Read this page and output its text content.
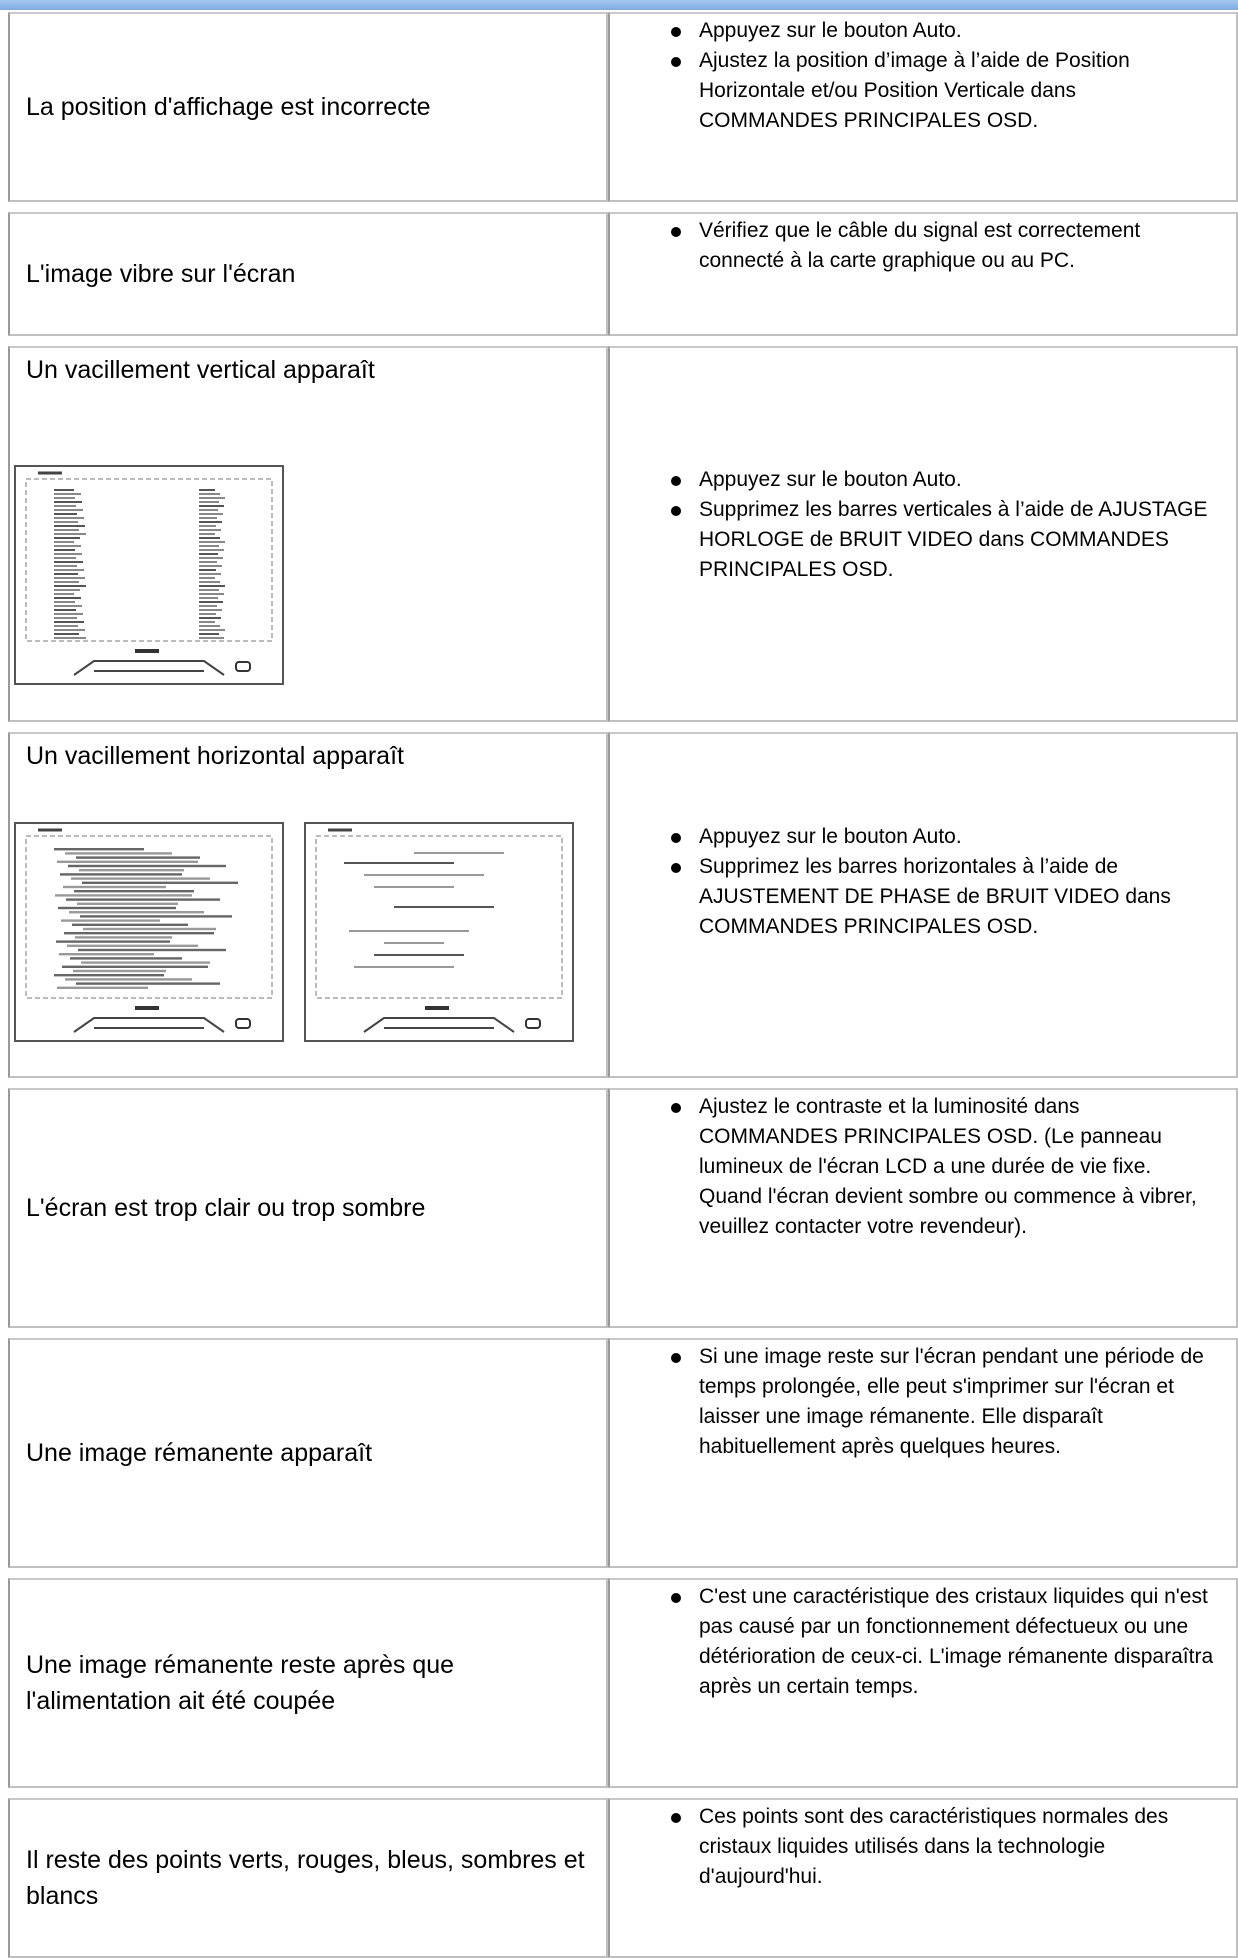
La position d'affichage est incorrecte
Appuyez sur le bouton Auto.
Ajustez la position d’image à l’aide de Position Horizontale et/ou Position Verticale dans COMMANDES PRINCIPALES OSD.
L'image vibre sur l'écran
Vérifiez que le câble du signal est correctement connecté à la carte graphique ou au PC.
Un vacillement vertical apparaît
Appuyez sur le bouton Auto.
Supprimez les barres verticales à l’aide de AJUSTAGE HORLOGE de BRUIT VIDEO dans COMMANDES PRINCIPALES OSD.
Un vacillement horizontal apparaît
Appuyez sur le bouton Auto.
Supprimez les barres horizontales à l’aide de AJUSTEMENT DE PHASE de BRUIT VIDEO dans COMMANDES PRINCIPALES OSD.
L'écran est trop clair ou trop sombre
Ajustez le contraste et la luminosité dans COMMANDES PRINCIPALES OSD. (Le panneau lumineux de l'écran LCD a une durée de vie fixe. Quand l'écran devient sombre ou commence à vibrer, veuillez contacter votre revendeur).
Une image rémanente apparaît
Si une image reste sur l'écran pendant une période de temps prolongée, elle peut s'imprimer sur l'écran et laisser une image rémanente. Elle disparaît habituellement après quelques heures.
Une image rémanente reste après que l'alimentation ait été coupée
C'est une caractéristique des cristaux liquides qui n'est pas causé par un fonctionnement défectueux ou une détérioration de ceux-ci. L'image rémanente disparaîtra après un certain temps.
Il reste des points verts, rouges, bleus, sombres et blancs
Ces points sont des caractéristiques normales des cristaux liquides utilisés dans la technologie d'aujourd'hui.
